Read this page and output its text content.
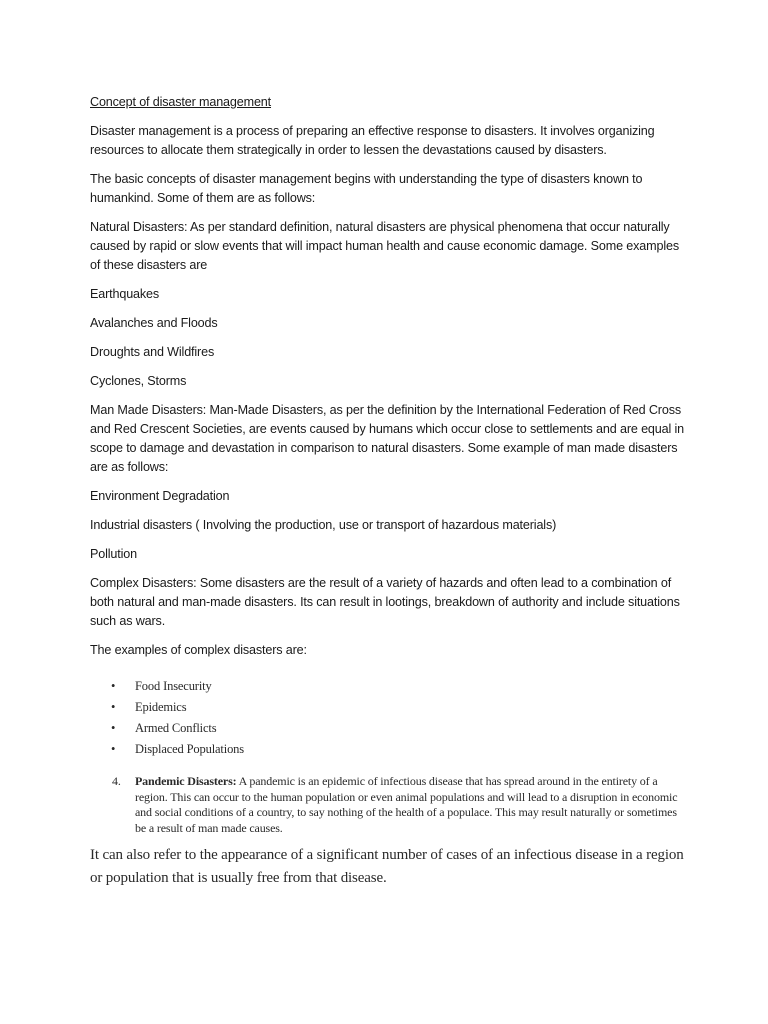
Concept of disaster management

Disaster management is a process of preparing an effective response to disasters. It involves organizing resources to allocate them strategically in order to lessen the devastations caused by disasters.

The basic concepts of disaster management begins with understanding the type of disasters known to humankind. Some of them are as follows:

Natural Disasters: As per standard definition, natural disasters are physical phenomena that occur naturally caused by rapid or slow events that will impact human health and cause economic damage. Some examples of these disasters are

Earthquakes

Avalanches and Floods

Droughts and Wildfires

Cyclones, Storms

Man Made Disasters: Man-Made Disasters, as per the definition by the International Federation of Red Cross and Red Crescent Societies, are events caused by humans which occur close to settlements and are equal in scope to damage and devastation in comparison to natural disasters. Some example of man made disasters are as follows:

Environment Degradation

Industrial disasters ( Involving the production, use or transport of hazardous materials)

Pollution

Complex Disasters: Some disasters are the result of a variety of hazards and often lead to a combination of both natural and man-made disasters. Its can result in lootings, breakdown of authority and include situations such as wars.

The examples of complex disasters are:

• Food Insecurity
• Epidemics
• Armed Conflicts
• Displaced Populations
4. Pandemic Disasters: A pandemic is an epidemic of infectious disease that has spread around in the entirety of a region. This can occur to the human population or even animal populations and will lead to a disruption in economic and social conditions of a country, to say nothing of the health of a populace. This may result naturally or sometimes be a result of man made causes.

It can also refer to the appearance of a significant number of cases of an infectious disease in a region or population that is usually free from that disease.
